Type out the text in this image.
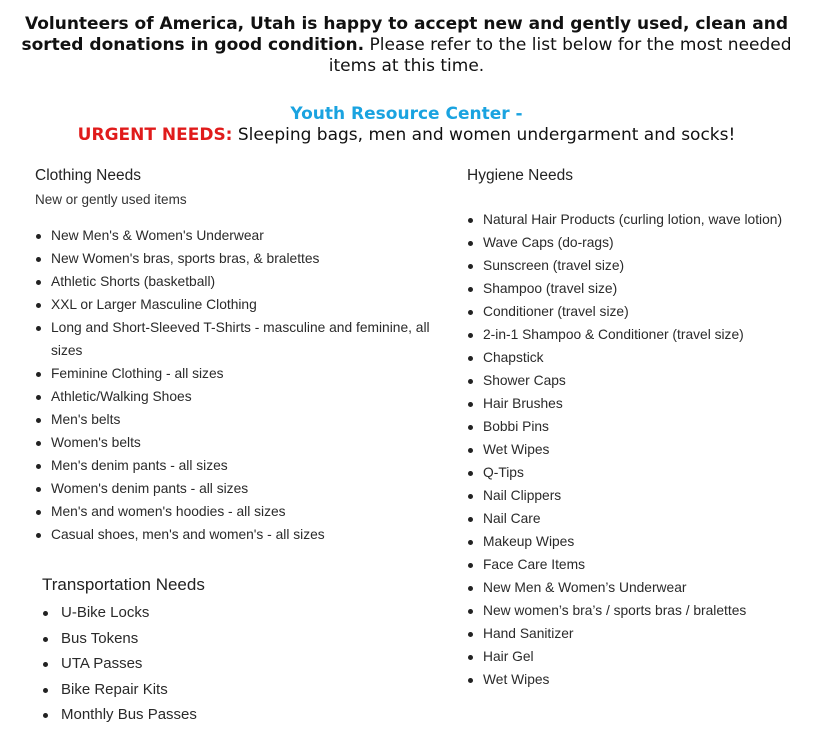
Volunteers of America, Utah is happy to accept new and gently used, clean and sorted donations in good condition. Please refer to the list below for the most needed items at this time.
Youth Resource Center -
URGENT NEEDS: Sleeping bags, men and women undergarment and socks!
Clothing Needs
New or gently used items
New Men's & Women's Underwear
New Women's bras, sports bras, & bralettes
Athletic Shorts (basketball)
XXL or Larger Masculine Clothing
Long and Short-Sleeved T-Shirts - masculine and feminine, all sizes
Feminine Clothing - all sizes
Athletic/Walking Shoes
Men's belts
Women's belts
Men's denim pants - all sizes
Women's denim pants - all sizes
Men's and women's hoodies - all sizes
Casual shoes, men's and women's - all sizes
Transportation Needs
U-Bike Locks
Bus Tokens
UTA Passes
Bike Repair Kits
Monthly Bus Passes
Hygiene Needs
Natural Hair Products (curling lotion, wave lotion)
Wave Caps (do-rags)
Sunscreen (travel size)
Shampoo (travel size)
Conditioner (travel size)
2-in-1 Shampoo & Conditioner (travel size)
Chapstick
Shower Caps
Hair Brushes
Bobbi Pins
Wet Wipes
Q-Tips
Nail Clippers
Nail Care
Makeup Wipes
Face Care Items
New Men & Women’s Underwear
New women’s bra’s / sports bras / bralettes
Hand Sanitizer
Hair Gel
Wet Wipes
